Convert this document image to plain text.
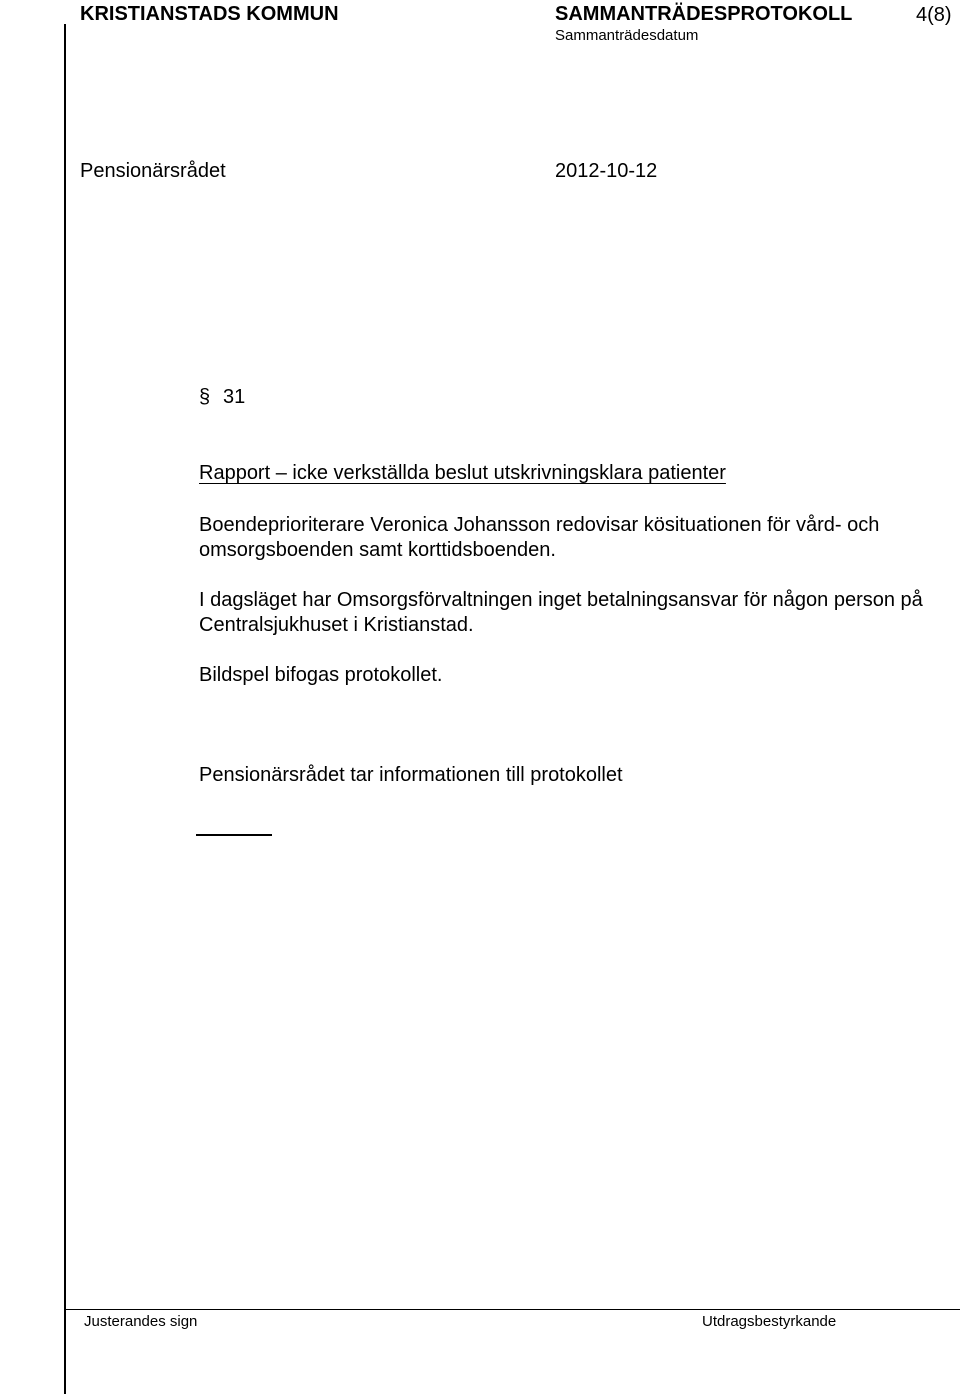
KRISTIANSTADS KOMMUN	SAMMANTRÄDESPROTOKOLL	4(8)
Sammanträdesdatum
Pensionärsrådet	2012-10-12
§ 31
Rapport – icke verkställda beslut utskrivningsklara patienter

Boendeprioriterare Veronica Johansson redovisar kösituationen för vård- och omsorgsboenden samt korttidsboenden.

I dagsläget har Omsorgsförvaltningen inget betalningsansvar för någon person på Centralsjukhuset i Kristianstad.

Bildspel bifogas protokollet.

Pensionärsrådet tar informationen till protokollet

Justerandes sign	Utdragsbestyrkande
